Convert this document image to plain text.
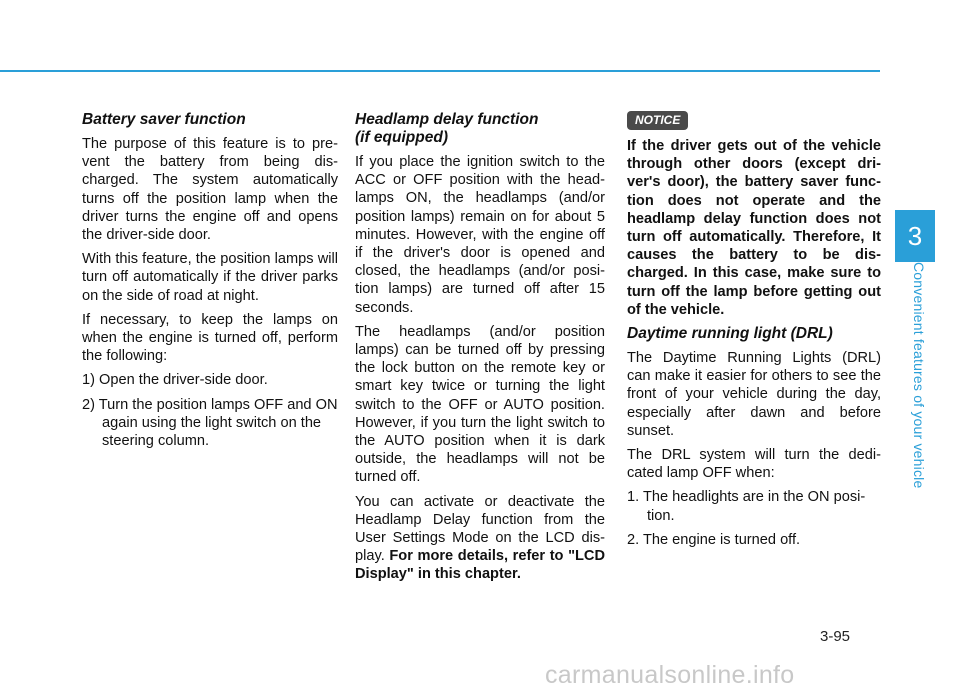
Battery saver function

The purpose of this feature is to pre-vent the battery from being dis-charged. The system automatically turns off the position lamp when the driver turns the engine off and opens the driver-side door.

With this feature, the position lamps will turn off automatically if the driver parks on the side of road at night.

If necessary, to keep the lamps on when the engine is turned off, perform the following:

1) Open the driver-side door.
2) Turn the position lamps OFF and ON again using the light switch on the steering column.
Headlamp delay function
(if equipped)

If you place the ignition switch to the ACC or OFF position with the head-lamps ON, the headlamps (and/or position lamps) remain on for about 5 minutes. However, with the engine off if the driver's door is opened and closed, the headlamps (and/or posi-tion lamps) are turned off after 15 seconds.

The headlamps (and/or position lamps) can be turned off by pressing the lock button on the remote key or smart key twice or turning the light switch to the OFF or AUTO position. However, if you turn the light switch to the AUTO position when it is dark outside, the headlamps will not be turned off.

You can activate or deactivate the Headlamp Delay function from the User Settings Mode on the LCD dis-play. For more details, refer to "LCD Display" in this chapter.

NOTICE

If the driver gets out of the vehicle through other doors (except dri-ver's door), the battery saver func-tion does not operate and the headlamp delay function does not turn off automatically. Therefore, It causes the battery to be dis-charged. In this case, make sure to turn off the lamp before getting out of the vehicle.

Daytime running light (DRL)

The Daytime Running Lights (DRL) can make it easier for others to see the front of your vehicle during the day, especially after dawn and before sunset.

The DRL system will turn the dedi-cated lamp OFF when:

1. The headlights are in the ON posi-tion.
2. The engine is turned off.
3
Convenient features of your vehicle
3-95
carmanualsonline.info
